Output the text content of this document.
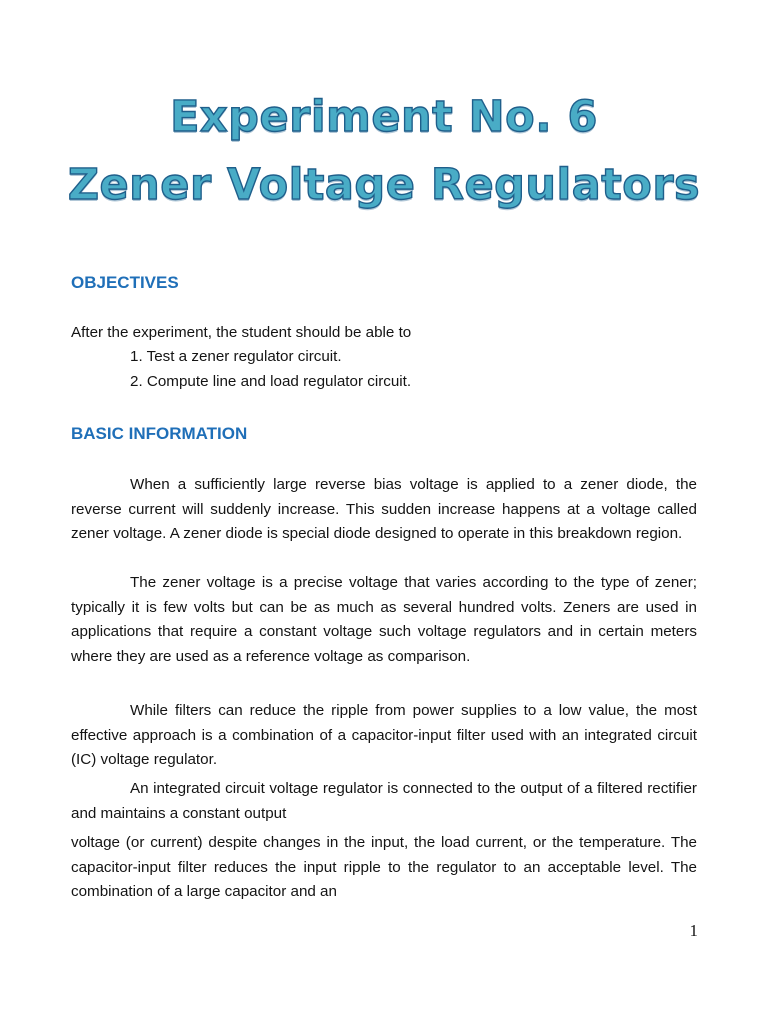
Experiment No. 6
Zener Voltage Regulators
OBJECTIVES
After the experiment, the student should be able to
1. Test a zener regulator circuit.
2. Compute line and load regulator circuit.
BASIC INFORMATION

When a sufficiently large reverse bias voltage is applied to a zener diode, the reverse current will suddenly increase. This sudden increase happens at a voltage called zener voltage. A zener diode is special diode designed to operate in this breakdown region.

The zener voltage is a precise voltage that varies according to the type of zener; typically it is few volts but can be as much as several hundred volts. Zeners are used in applications that require a constant voltage such voltage regulators and in certain meters where they are used as a reference voltage as comparison.

While filters can reduce the ripple from power supplies to a low value, the most effective approach is a combination of a capacitor-input filter used with an integrated circuit (IC) voltage regulator.

An integrated circuit voltage regulator is connected to the output of a filtered rectifier and maintains a constant output

voltage (or current) despite changes in the input, the load current, or the temperature. The capacitor-input filter reduces the input ripple to the regulator to an acceptable level. The combination of a large capacitor and an

1
